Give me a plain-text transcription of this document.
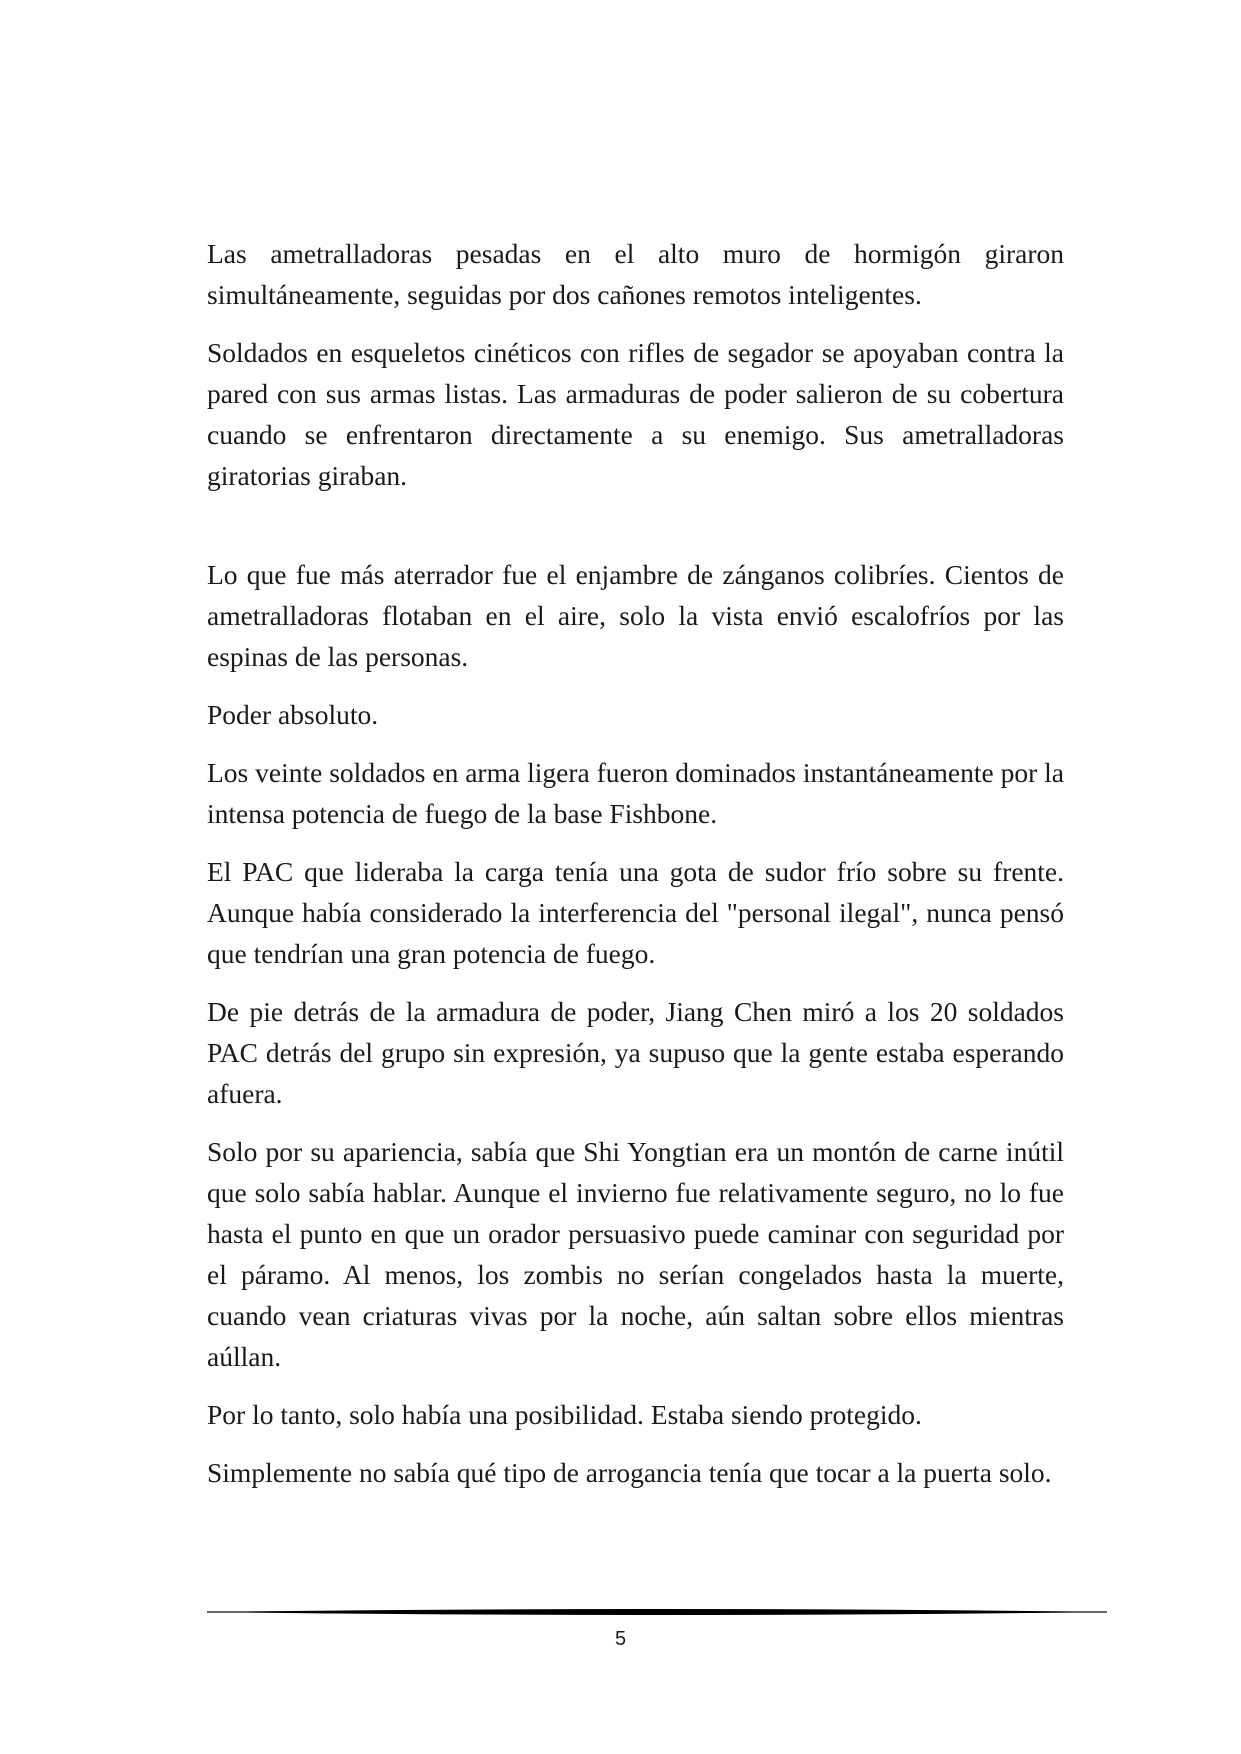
Las ametralladoras pesadas en el alto muro de hormigón giraron simultáneamente, seguidas por dos cañones remotos inteligentes.

Soldados en esqueletos cinéticos con rifles de segador se apoyaban contra la pared con sus armas listas. Las armaduras de poder salieron de su cobertura cuando se enfrentaron directamente a su enemigo. Sus ametralladoras giratorias giraban.

Lo que fue más aterrador fue el enjambre de zánganos colibríes. Cientos de ametralladoras flotaban en el aire, solo la vista envió escalofríos por las espinas de las personas.

Poder absoluto.

Los veinte soldados en arma ligera fueron dominados instantáneamente por la intensa potencia de fuego de la base Fishbone.

El PAC que lideraba la carga tenía una gota de sudor frío sobre su frente. Aunque había considerado la interferencia del "personal ilegal", nunca pensó que tendrían una gran potencia de fuego.

De pie detrás de la armadura de poder, Jiang Chen miró a los 20 soldados PAC detrás del grupo sin expresión, ya supuso que la gente estaba esperando afuera.

Solo por su apariencia, sabía que Shi Yongtian era un montón de carne inútil que solo sabía hablar. Aunque el invierno fue relativamente seguro, no lo fue hasta el punto en que un orador persuasivo puede caminar con seguridad por el páramo. Al menos, los zombis no serían congelados hasta la muerte, cuando vean criaturas vivas por la noche, aún saltan sobre ellos mientras aúllan.

Por lo tanto, solo había una posibilidad. Estaba siendo protegido.

Simplemente no sabía qué tipo de arrogancia tenía que tocar a la puerta solo.

5
